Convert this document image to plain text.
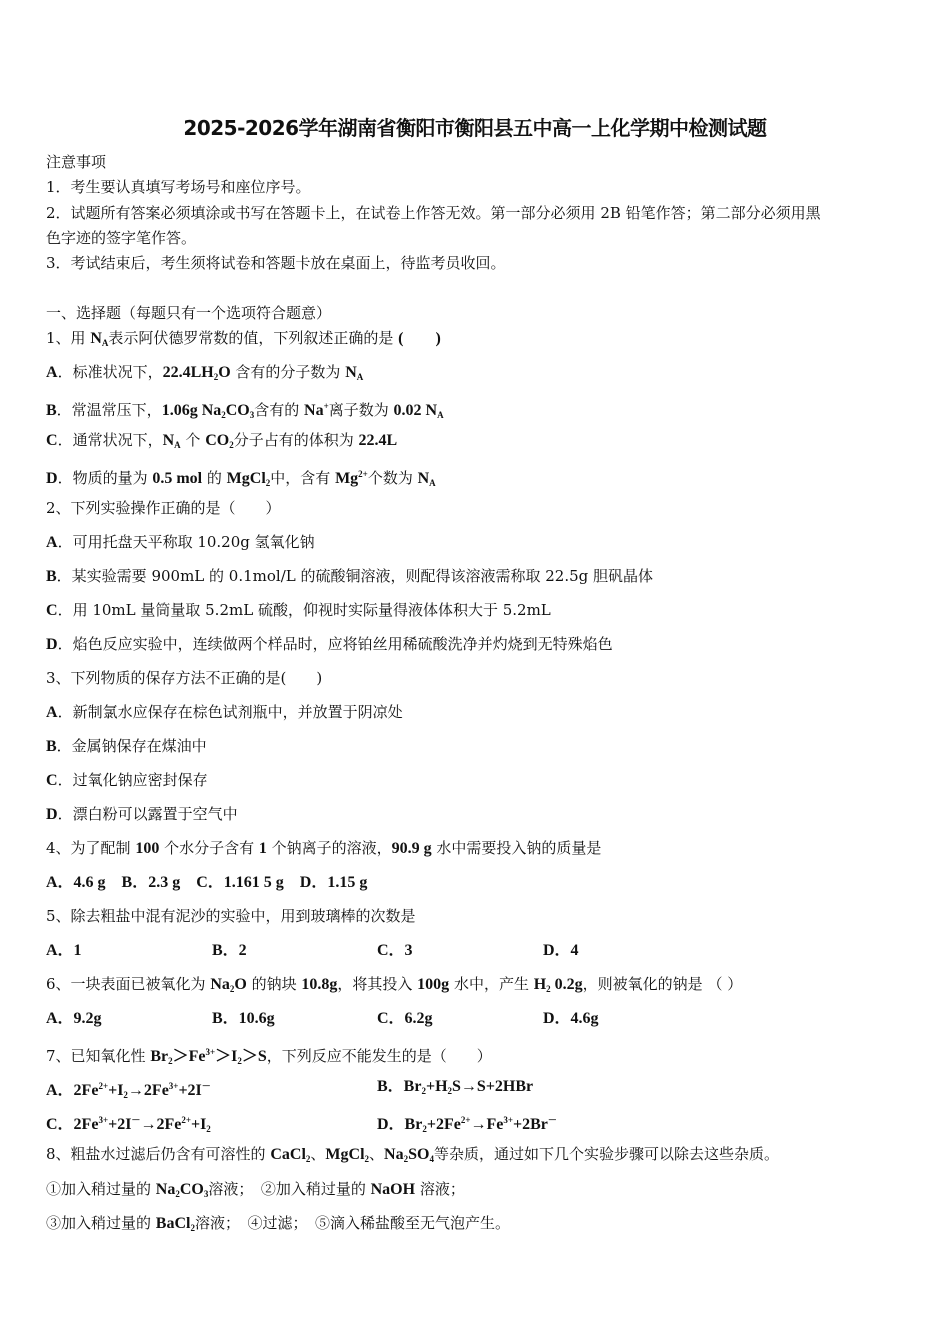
2025-2026学年湖南省衡阳市衡阳县五中高一上化学期中检测试题
注意事项
1．考生要认真填写考场号和座位序号。
2．试题所有答案必须填涂或书写在答题卡上，在试卷上作答无效。第一部分必须用 2B 铅笔作答；第二部分必须用黑
色字迹的签字笔作答。
3．考试结束后，考生须将试卷和答题卡放在桌面上，待监考员收回。
一、选择题（每题只有一个选项符合题意）
1、用 $N_A$表示阿伏德罗常数的值，下列叙述正确的是 (　　)
A．标准状况下，$22.4LH_2O$ 含有的分子数为 $N_A$
B．常温常压下，1.06g $Na_2CO_3$含有的 Na+离子数为 0.02 $N_A$
C．通常状况下，$N_A$ 个 $CO_2$分子占有的体积为 22.4L
D．物质的量为 0.5 mol 的 MgCl$_2$中，含有 $Mg^{2+}$个数为 $N_A$
2、下列实验操作正确的是（　　）
A．可用托盘天平称取 10.20g 氢氧化钠
B．某实验需要 900mL 的 0.1mol/L 的硫酸铜溶液，则配得该溶液需称取 22.5g 胆矾晶体
C．用 10mL 量筒量取 5.2mL 硫酸，仰视时实际量得液体体积大于 5.2mL
D．焰色反应实验中，连续做两个样品时，应将铂丝用稀硫酸洗净并灼烧到无特殊焰色
3、下列物质的保存方法不正确的是(　　)
A．新制氯水应保存在棕色试剂瓶中，并放置于阴凉处
B．金属钠保存在煤油中
C．过氧化钠应密封保存
D．漂白粉可以露置于空气中
4、为了配制 100 个水分子含有 1 个钠离子的溶液，90.9 g 水中需要投入钠的质量是
A．4.6 g　B．2.3 g　C．1.161 5 g　D．1.15 g
5、除去粗盐中混有泥沙的实验中，用到玻璃棒的次数是
A．1	B．2	C．3	D．4
6、一块表面已被氧化为 $Na_2O$ 的钠块 10.8g，将其投入 100g 水中，产生 $H_2$ 0.2g，则被氧化的钠是 （ ）
A．9.2g	B．10.6g	C．6.2g	D．4.6g
7、已知氧化性 $Br_2>Fe^{3+}>I_2>S$，下列反应不能发生的是（　　）
A．$2Fe^{2+}+I_2\to 2Fe^{3+}+2I^-$	B．$Br_2+H_2S\to S+2HBr$
C．$2Fe^{3+}+2I^-\to 2Fe^{2+}+I_2$	D．$Br_2+2Fe^{2+}\to Fe^{3+}+2Br^-$
8、粗盐水过滤后仍含有可溶性的 CaCl$_2$、MgCl$_2$、$Na_2SO_4$等杂质，通过如下几个实验步骤可以除去这些杂质。
①加入稍过量的 $Na_2CO_3$溶液；　②加入稍过量的 NaOH 溶液；
③加入稍过量的 BaCl$_2$溶液；　④过滤；　⑤滴入稀盐酸至无气泡产生。
